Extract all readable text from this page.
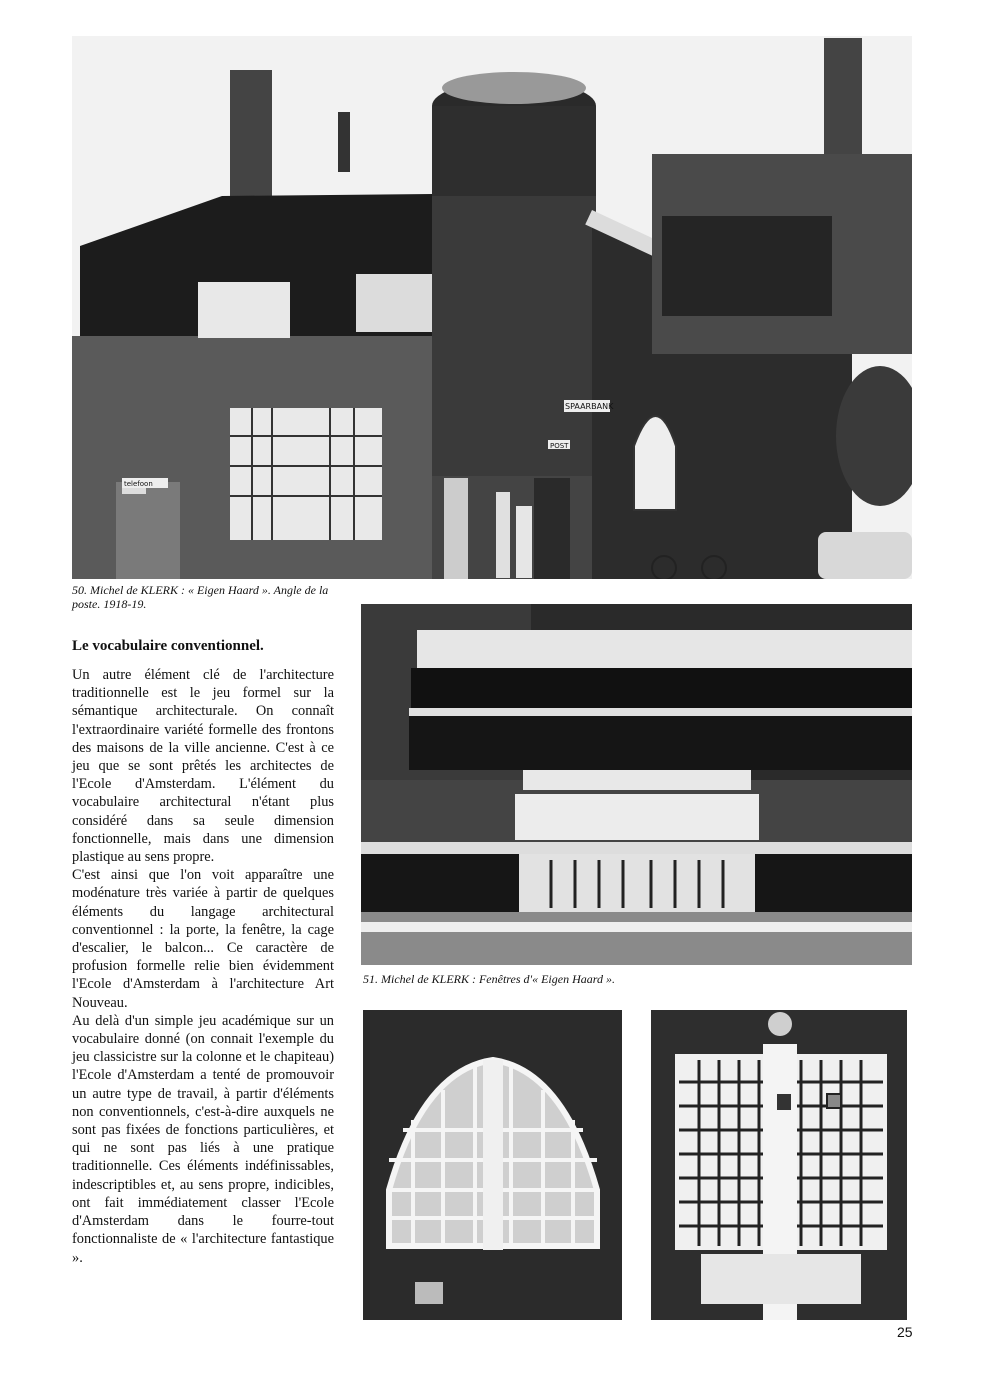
SPAARBANK
POST
telefoon
50. Michel de KLERK : « Eigen Haard ». Angle de la poste. 1918-19.
51. Michel de KLERK : Fenêtres d'« Eigen Haard ».
Le vocabulaire conventionnel.

Un autre élément clé de l'architecture traditionnelle est le jeu formel sur la sémantique architecturale. On connaît l'extraordinaire variété formelle des frontons des maisons de la ville ancienne. C'est à ce jeu que se sont prêtés les architectes de l'Ecole d'Amsterdam. L'élément du vocabulaire architectural n'étant plus considéré dans sa seule dimension fonctionnelle, mais dans une dimension plastique au sens propre.

C'est ainsi que l'on voit apparaître une modénature très variée à partir de quelques éléments du langage architectural conventionnel : la porte, la fenêtre, la cage d'escalier, le balcon... Ce caractère de profusion formelle relie bien évidemment l'Ecole d'Amsterdam à l'architecture Art Nouveau.

Au delà d'un simple jeu académique sur un vocabulaire donné (on connait l'exemple du jeu classicistre sur la colonne et le chapiteau) l'Ecole d'Amsterdam a tenté de promouvoir un autre type de travail, à partir d'éléments non conventionnels, c'est-à-dire auxquels ne sont pas fixées de fonctions particulières, et qui ne sont pas liés à une pratique traditionnelle. Ces éléments indéfinissables, indescriptibles et, au sens propre, indicibles, ont fait immédiatement classer l'Ecole d'Amsterdam dans le fourre-tout fonctionnaliste de « l'architecture fantastique ».

25
